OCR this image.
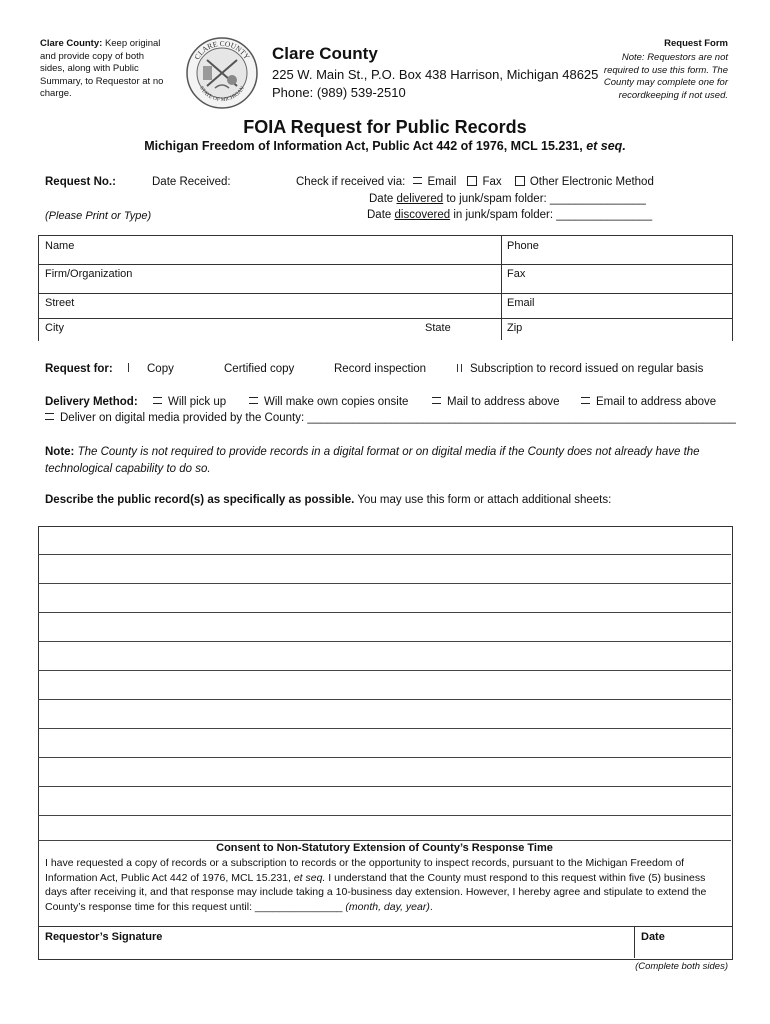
Clare County: Keep original and provide copy of both sides, along with Public Summary, to Requestor at no charge.
CLARE COUNTY
STATE OF MICHIGAN
Clare County
225 W. Main St., P.O. Box 438 Harrison, Michigan 48625
Phone: (989) 539-2510
Request Form
Note: Requestors are not required to use this form. The County may complete one for recordkeeping if not used.
FOIA Request for Public Records
Michigan Freedom of Information Act, Public Act 442 of 1976, MCL 15.231, et seq.
Request No.:	Date Received:
(Please Print or Type)
Check if received via: Email Fax Other Electronic Method
Date delivered to junk/spam folder: _______________
Date discovered in junk/spam folder: _______________
Name	Phone
Firm/Organization	Fax
Street	Email
City	State	Zip
Request for:	Copy	Certified copy	Record inspection	Subscription to record issued on regular basis
Delivery Method:	Will pick up	Will make own copies onsite	Mail to address above	Email to address above
Deliver on digital media provided by the County: ___________________________________________________________________
Note: The County is not required to provide records in a digital format or on digital media if the County does not already have the technological capability to do so.
Describe the public record(s) as specifically as possible. You may use this form or attach additional sheets:
Consent to Non-Statutory Extension of County’s Response Time
I have requested a copy of records or a subscription to records or the opportunity to inspect records, pursuant to the Michigan Freedom of Information Act, Public Act 442 of 1976, MCL 15.231, et seq. I understand that the County must respond to this request within five (5) business days after receiving it, and that response may include taking a 10-business day extension. However, I hereby agree and stipulate to extend the County’s response time for this request until: _______________ (month, day, year).
Requestor’s Signature	Date
(Complete both sides)
